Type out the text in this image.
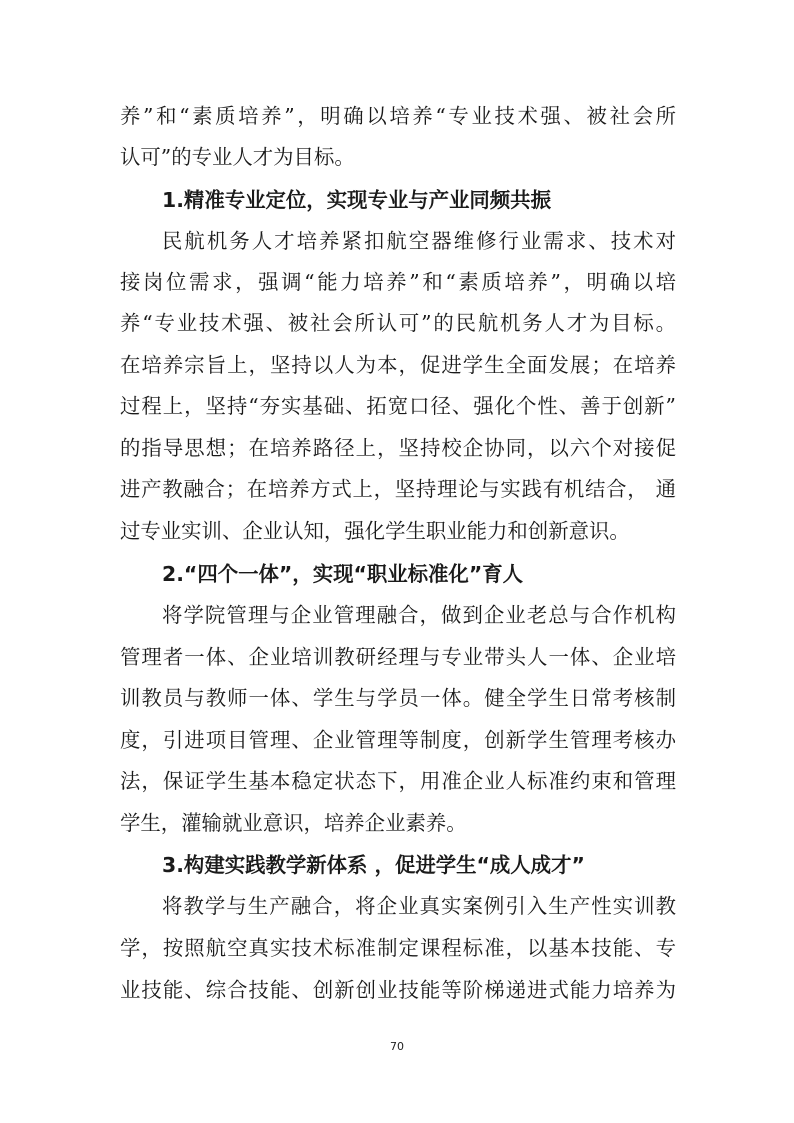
养”和“素质培养”，明确以培养“专业技术强、被社会所
认可”的专业人才为目标。
1.精准专业定位，实现专业与产业同频共振
民航机务人才培养紧扣航空器维修行业需求、技术对
接岗位需求，强调“能力培养”和“素质培养”，明确以培
养“专业技术强、被社会所认可”的民航机务人才为目标。
在培养宗旨上，坚持以人为本，促进学生全面发展；在培养
过程上，坚持“夯实基础、拓宽口径、强化个性、善于创新”
的指导思想；在培养路径上，坚持校企协同，以六个对接促
进产教融合；在培养方式上，坚持理论与实践有机结合， 通
过专业实训、企业认知，强化学生职业能力和创新意识。
2.“四个一体”，实现“职业标准化”育人
将学院管理与企业管理融合，做到企业老总与合作机构
管理者一体、企业培训教研经理与专业带头人一体、企业培
训教员与教师一体、学生与学员一体。健全学生日常考核制
度，引进项目管理、企业管理等制度，创新学生管理考核办
法，保证学生基本稳定状态下，用准企业人标准约束和管理
学生，灌输就业意识，培养企业素养。
3.构建实践教学新体系 ，促进学生“成人成才”
将教学与生产融合，将企业真实案例引入生产性实训教
学，按照航空真实技术标准制定课程标准，以基本技能、专
业技能、综合技能、创新创业技能等阶梯递进式能力培养为
70
